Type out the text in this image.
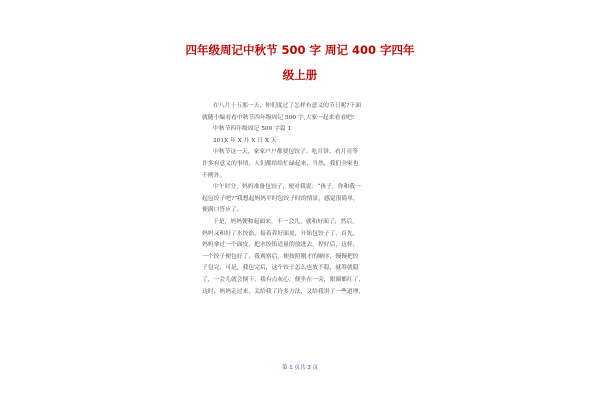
四年级周记中秋节 500 字 周记 400 字四年
级上册
在八月十五那一天，你们度过了怎样有意义的节日呢?下面
就随小编看看中秋节四年级周记 500 字,大家一起来看看吧!
中秋节四年级周记 500 字篇 1
201X 年 X 月 X 日 X 天
中秋节这一天，家家户户都要包饺子、吃月饼、看月亮等
许多有意义的事情，人们都给给忙碌起来，当然，我们全家也
不例外。
中午时分，妈妈准备包饺子，便对我说：“孩子，你和我一
起包饺子吧?”我想起妈妈平时包饺子时的情景，感觉很简单，
便满口答应了。
于是，妈妈便和起面来，不一会儿，就和好面了，然后，
妈妈又和好了水饺馅，接着养好面皮，开始包饺子了，首先，
妈妈拿过一个面皮，把水饺馅适量的放进去，捏好后，这样，
一个饺子便包好了，我观察后，便按照刚才的顺序，慢慢把饺
子包完，可是，我包完后，这个饺子怎么也放不稳，就筹就稳
了，一会儿就会倒下，我有点灰心，便坐在一旁，眼圈都红了，
这时，妈妈走过来，关给我了许多方法，又给我讲了一些道理，
第 1 页共 3 页
